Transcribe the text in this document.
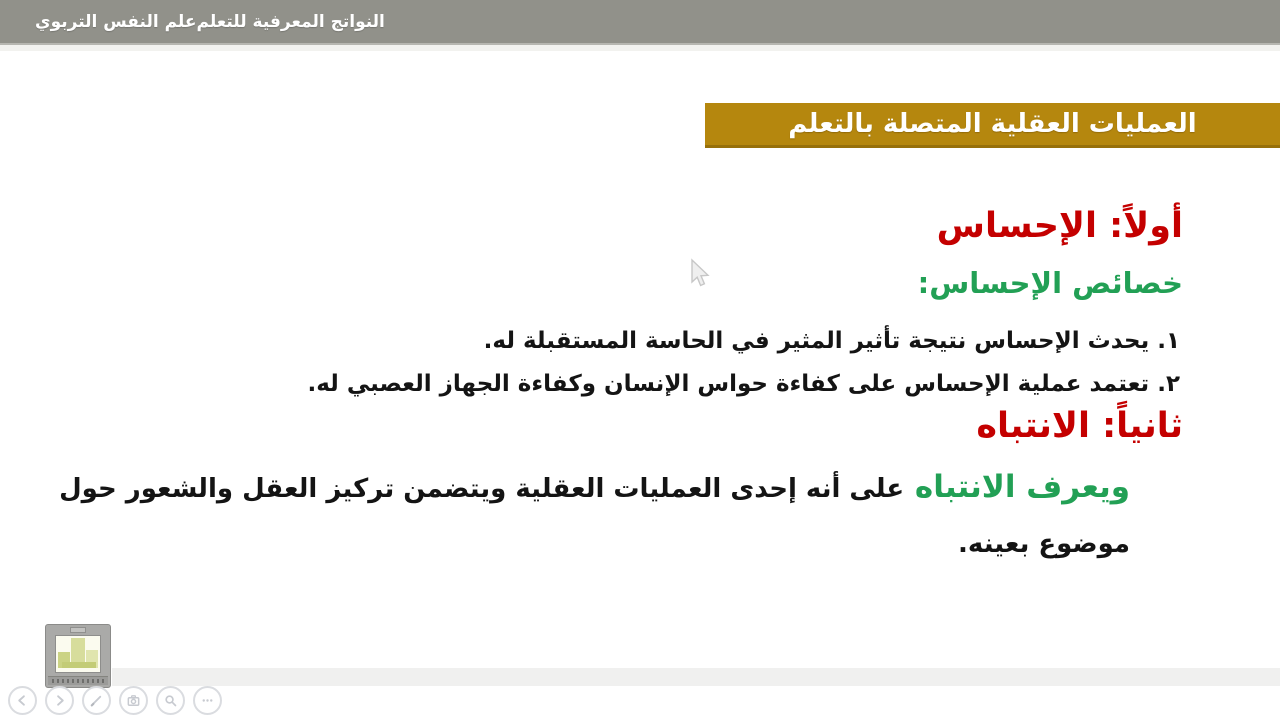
علم النفس التربوي النواتج المعرفية للتعلم
العمليات العقلية المتصلة بالتعلم
أولاً: الإحساس
خصائص الإحساس:
١. يحدث الإحساس نتيجة تأثير المثير في الحاسة المستقبلة له.
٢. تعتمد عملية الإحساس على كفاءة حواس الإنسان وكفاءة الجهاز العصبي له.
ثانياً: الانتباه
ويعرف الانتباه على أنه إحدى العمليات العقلية ويتضمن تركيز العقل والشعور حول
موضوع بعينه.
